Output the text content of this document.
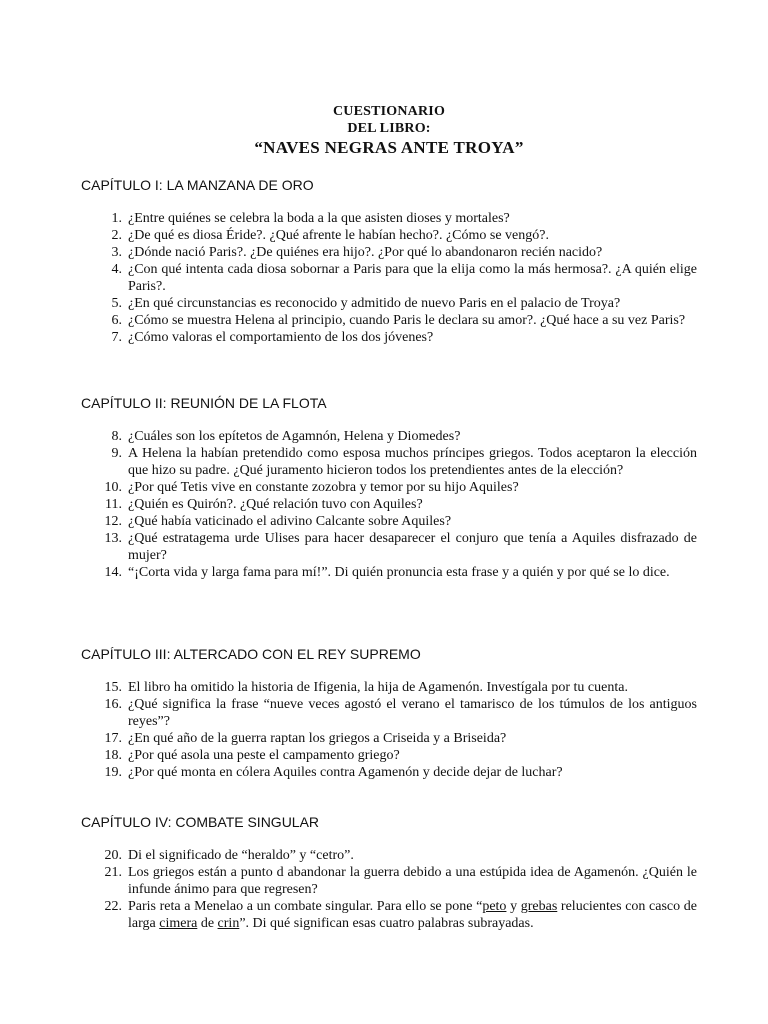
CUESTIONARIO
DEL LIBRO:
“NAVES NEGRAS ANTE TROYA”
CAPÍTULO I: LA MANZANA DE ORO
1. ¿Entre quiénes se celebra la boda a la que asisten dioses y mortales?
2. ¿De qué es diosa Éride?. ¿Qué afrente le habían hecho?. ¿Cómo se vengó?.
3. ¿Dónde nació Paris?. ¿De quiénes era hijo?. ¿Por qué lo abandonaron recién nacido?
4. ¿Con qué intenta cada diosa sobornar a Paris para que la elija como la más hermosa?. ¿A quién elige Paris?.
5. ¿En qué circunstancias es reconocido y admitido de nuevo Paris en el palacio de Troya?
6. ¿Cómo se muestra Helena al principio, cuando Paris le declara su amor?. ¿Qué hace a su vez Paris?
7. ¿Cómo valoras el comportamiento de los dos jóvenes?
CAPÍTULO II: REUNIÓN DE LA FLOTA
8. ¿Cuáles son los epítetos de Agamnón, Helena y Diomedes?
9. A Helena la habían pretendido como esposa muchos príncipes griegos. Todos aceptaron la elección que hizo su padre. ¿Qué juramento hicieron todos los pretendientes antes de la elección?
10. ¿Por qué Tetis vive en constante zozobra y temor por su hijo Aquiles?
11. ¿Quién es Quirón?. ¿Qué relación tuvo con Aquiles?
12. ¿Qué había vaticinado el adivino Calcante sobre Aquiles?
13. ¿Qué estratagema urde Ulises para hacer desaparecer el conjuro que tenía a Aquiles disfrazado de mujer?
14. “¡Corta vida y larga fama para mí!”. Di quién pronuncia esta frase y a quién y por qué se lo dice.
CAPÍTULO III: ALTERCADO CON EL REY SUPREMO
15. El libro ha omitido la historia de Ifigenia, la hija de Agamenón. Investígala por tu cuenta.
16. ¿Qué significa la frase “nueve veces agostó el verano el tamarisco de los túmulos de los antiguos reyes”?
17. ¿En qué año de la guerra raptan los griegos a Criseida y a Briseida?
18. ¿Por qué asola una peste el campamento griego?
19. ¿Por qué monta en cólera Aquiles contra Agamenón y decide dejar de luchar?
CAPÍTULO IV: COMBATE SINGULAR
20. Di el significado de “heraldo” y “cetro”.
21. Los griegos están a punto d abandonar la guerra debido a una estúpida idea de Agamenón. ¿Quién le infunde ánimo para que regresen?
22. Paris reta a Menelao a un combate singular. Para ello se pone “peto y grebas relucientes con casco de larga cimera de crin”. Di qué significan esas cuatro palabras subrayadas.
